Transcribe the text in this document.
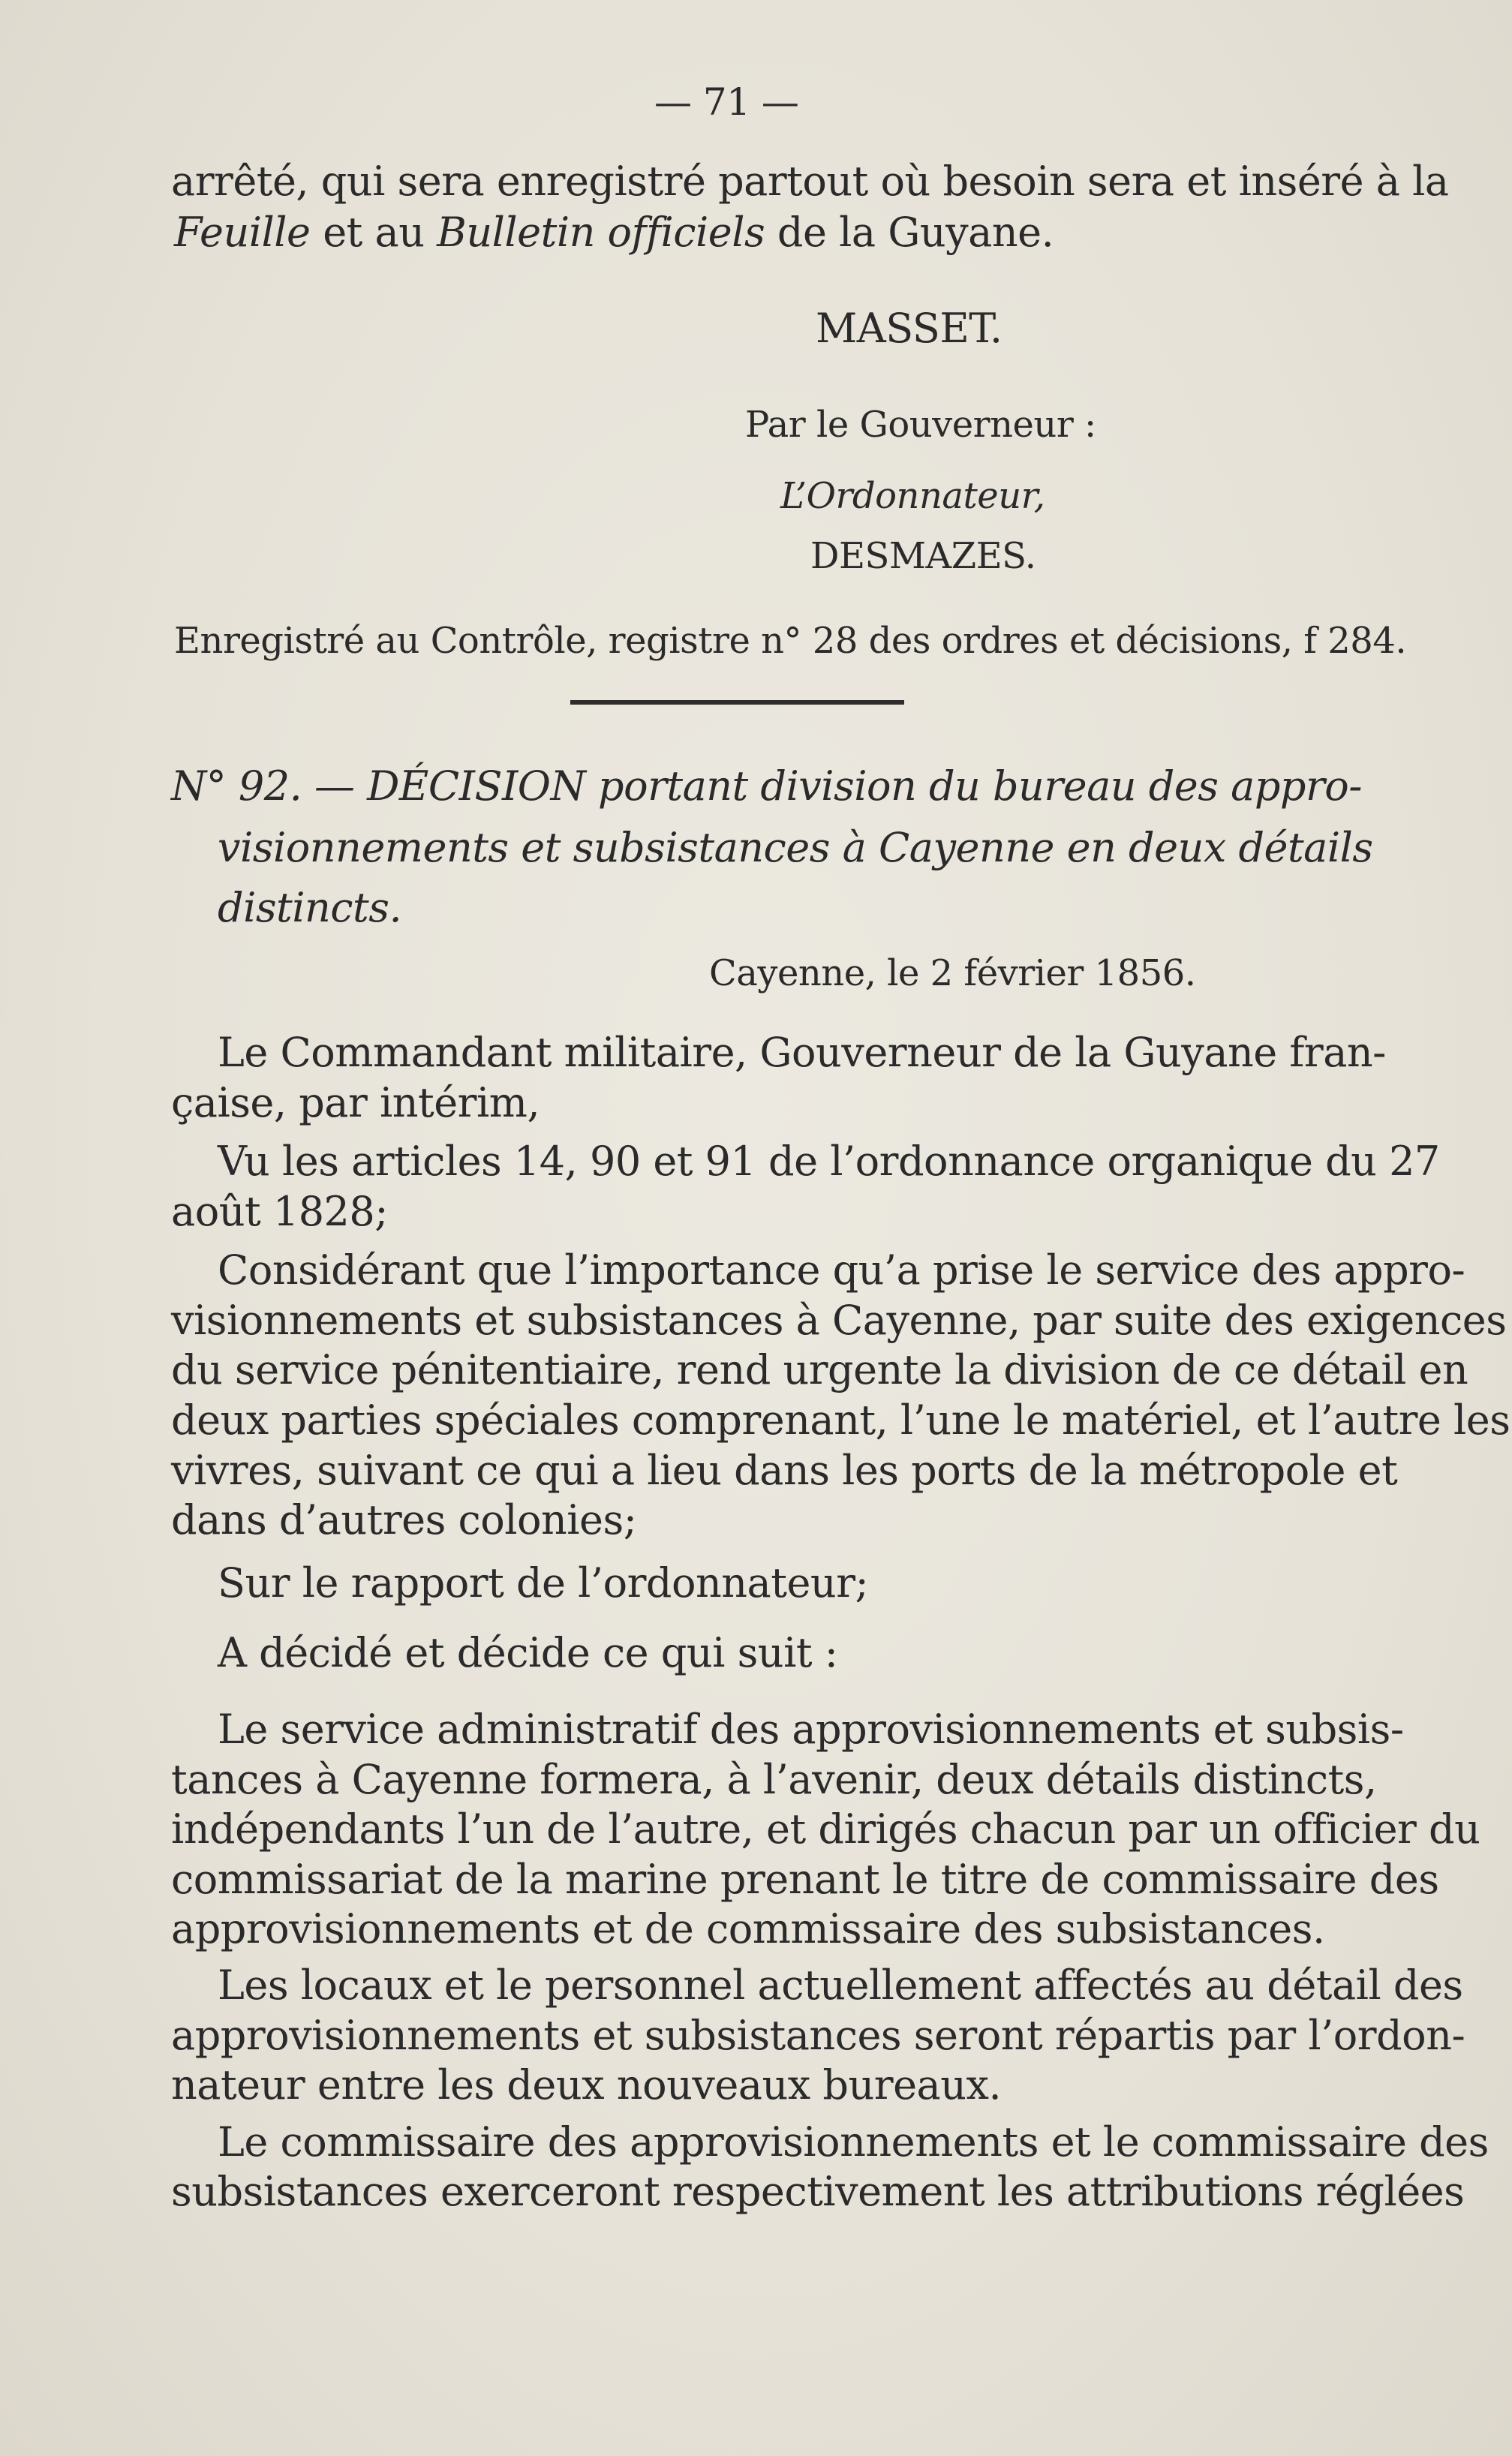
— 71 —
arrêté, qui sera enregistré partout où besoin sera et inséré à la
Feuille et au Bulletin officiels de la Guyane.
MASSET.
Par le Gouverneur :
L’Ordonnateur,
DESMAZES.
Enregistré au Contrôle, registre n° 28 des ordres et décisions, f 284.
N° 92. — DÉCISION portant division du bureau des appro-
visionnements et subsistances à Cayenne en deux détails
distincts.
Cayenne, le 2 février 1856.
Le Commandant militaire, Gouverneur de la Guyane fran-
çaise, par intérim,
Vu les articles 14, 90 et 91 de l’ordonnance organique du 27
août 1828;
Considérant que l’importance qu’a prise le service des appro-
visionnements et subsistances à Cayenne, par suite des exigences
du service pénitentiaire, rend urgente la division de ce détail en
deux parties spéciales comprenant, l’une le matériel, et l’autre les
vivres, suivant ce qui a lieu dans les ports de la métropole et
dans d’autres colonies;
Sur le rapport de l’ordonnateur;
A décidé et décide ce qui suit :
Le service administratif des approvisionnements et subsis-
tances à Cayenne formera, à l’avenir, deux détails distincts,
indépendants l’un de l’autre, et dirigés chacun par un officier du
commissariat de la marine prenant le titre de commissaire des
approvisionnements et de commissaire des subsistances.
Les locaux et le personnel actuellement affectés au détail des
approvisionnements et subsistances seront répartis par l’ordon-
nateur entre les deux nouveaux bureaux.
Le commissaire des approvisionnements et le commissaire des
subsistances exerceront respectivement les attributions réglées
